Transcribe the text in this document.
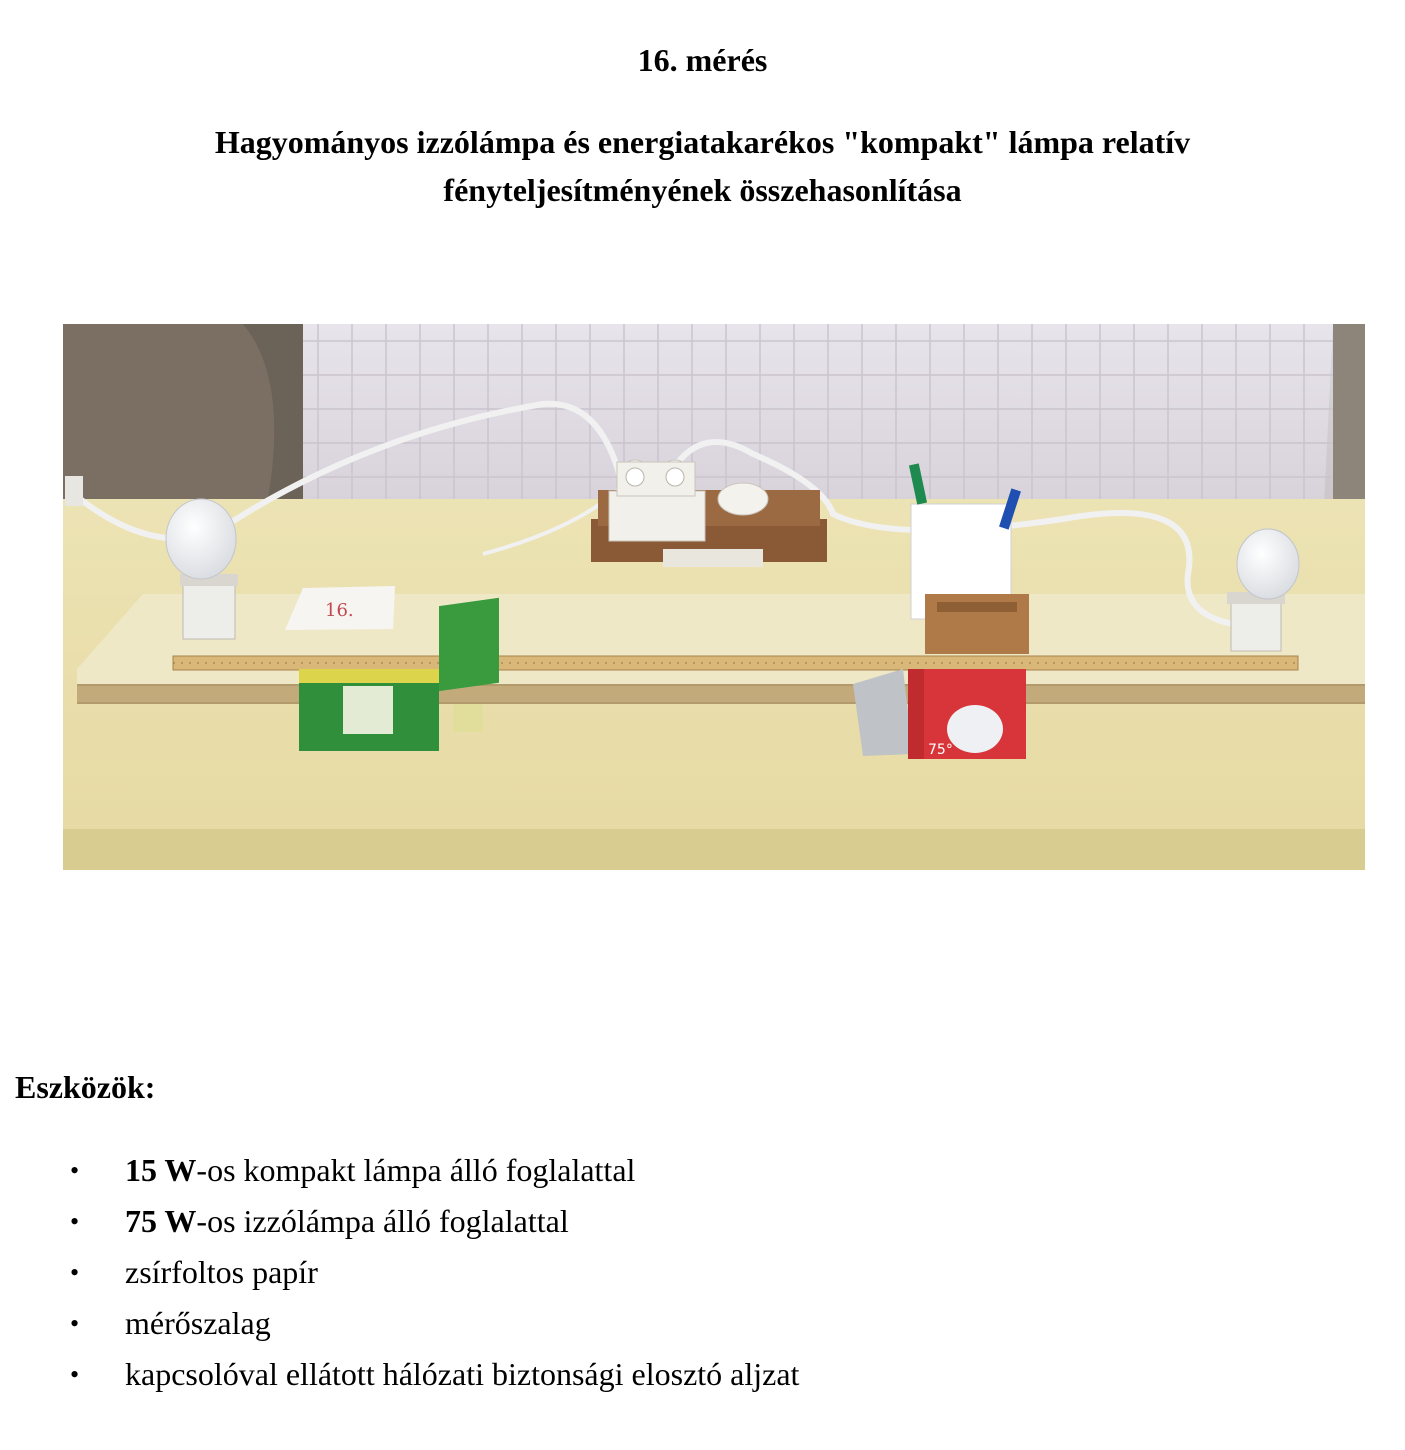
16. mérés
Hagyományos izzólámpa és energiatakarékos "kompakt" lámpa relatív fényteljesítményének összehasonlítása
16.
75°
Eszközök:
• 15 W-os kompakt lámpa álló foglalattal
• 75 W-os izzólámpa álló foglalattal
• zsírfoltos papír
• mérőszalag
• kapcsolóval ellátott hálózati biztonsági elosztó aljzat
